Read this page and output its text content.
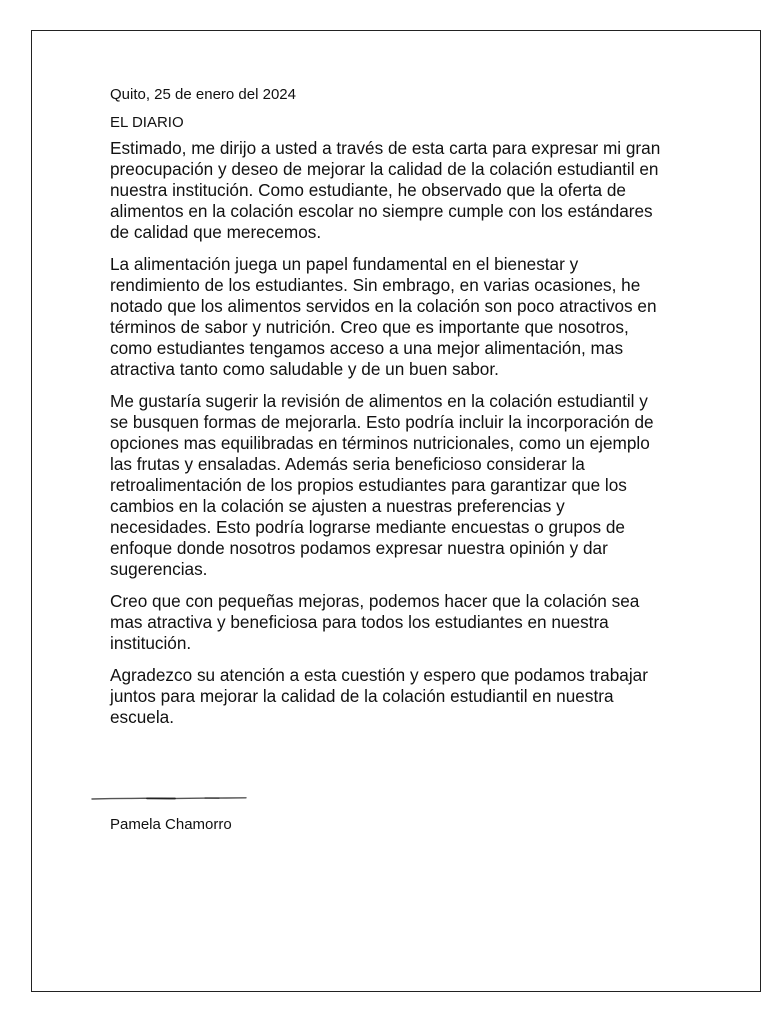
Quito, 25 de enero del 2024

EL DIARIO

Estimado, me dirijo a usted a través de esta carta para expresar mi gran preocupación y deseo de mejorar la calidad de la colación estudiantil en nuestra institución. Como estudiante, he observado que la oferta de alimentos en la colación escolar no siempre cumple con los estándares de calidad que merecemos.

La alimentación juega un papel fundamental en el bienestar y rendimiento de los estudiantes. Sin embrago, en varias ocasiones, he notado que los alimentos servidos en la colación son poco atractivos en términos de sabor y nutrición. Creo que es importante que nosotros, como estudiantes tengamos acceso a una mejor alimentación, mas atractiva tanto como saludable y de un buen sabor.

Me gustaría sugerir la revisión de alimentos en la colación estudiantil y se busquen formas de mejorarla. Esto podría incluir la incorporación de opciones mas equilibradas en términos nutricionales, como un ejemplo las frutas y ensaladas. Además seria beneficioso considerar la retroalimentación de los propios estudiantes para garantizar que los cambios en la colación se ajusten a nuestras preferencias y necesidades. Esto podría lograrse mediante encuestas o grupos de enfoque donde nosotros podamos expresar nuestra opinión y dar sugerencias.

Creo que con pequeñas mejoras, podemos hacer que la colación sea mas atractiva y beneficiosa para todos los estudiantes en nuestra institución.

Agradezco su atención a esta cuestión y espero que podamos trabajar juntos para mejorar la calidad de la colación estudiantil en nuestra escuela.

Pamela Chamorro
